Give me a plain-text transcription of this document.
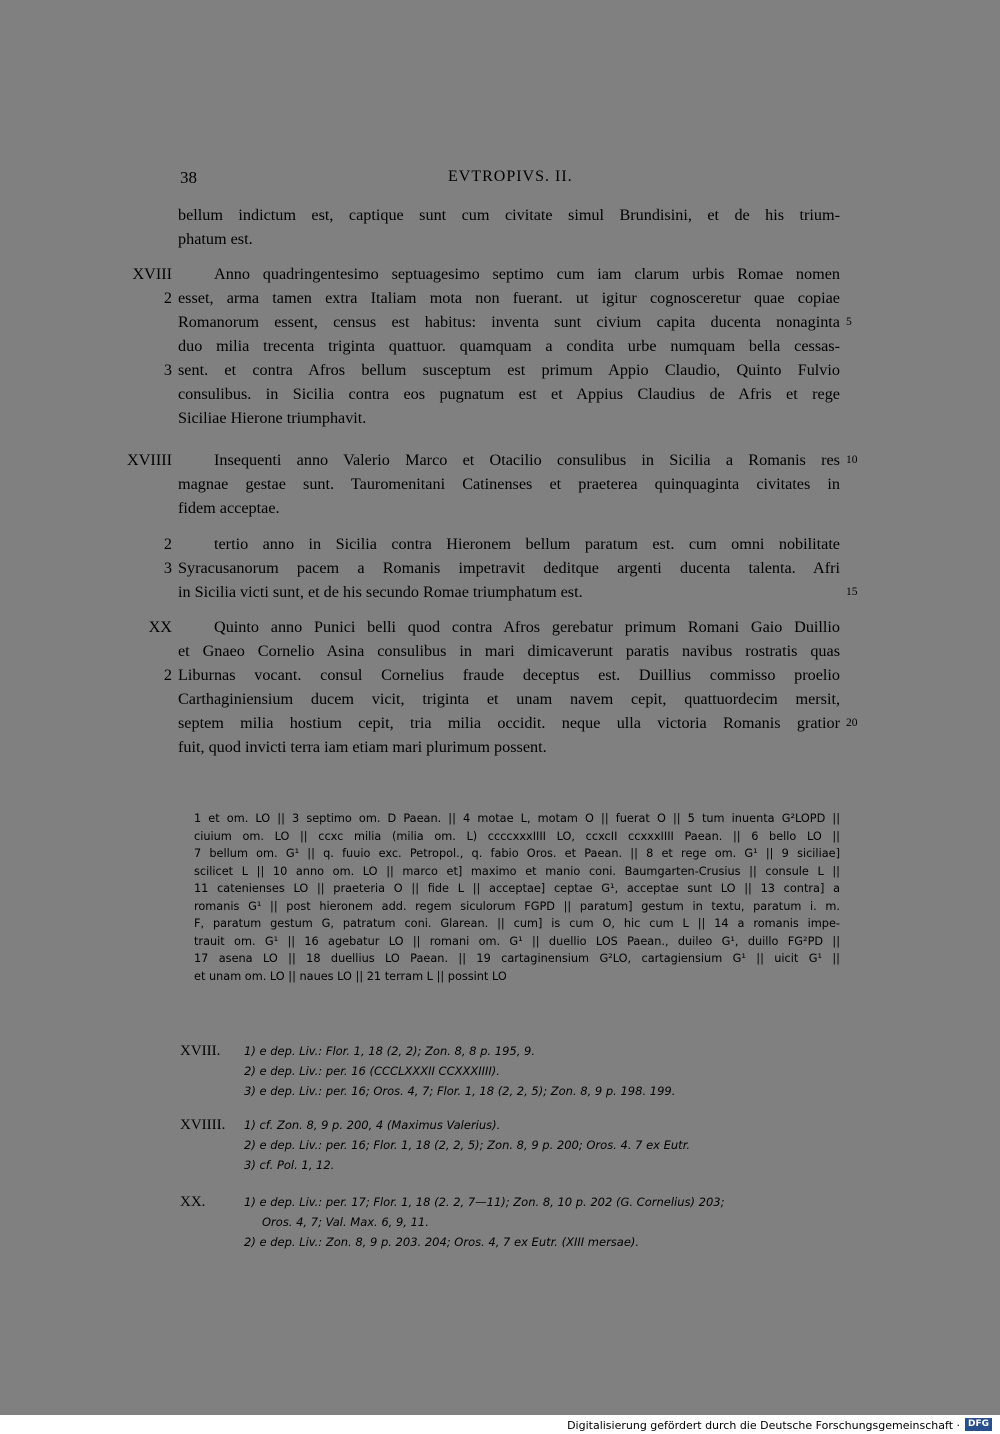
38	EVTROPIVS. II.
bellum indictum est, captique sunt cum civitate simul Brundisini, et de his trium-
phatum est.
Anno quadringentesimo septuagesimo septimo cum iam clarum urbis Romae nomen
XVIII
esset, arma tamen extra Italiam mota non fuerant. ut igitur cognosceretur quae copiae
2
Romanorum essent, census est habitus: inventa sunt civium capita ducenta nonaginta 5
duo milia trecenta triginta quattuor. quamquam a condita urbe numquam bella cessas-
sent. et contra Afros bellum susceptum est primum Appio Claudio, Quinto Fulvio
3
consulibus. in Sicilia contra eos pugnatum est et Appius Claudius de Afris et rege
Siciliae Hierone triumphavit.
Insequenti anno Valerio Marco et Otacilio consulibus in Sicilia a Romanis res
XVIIII	10
magnae gestae sunt. Tauromenitani Catinenses et praeterea quinquaginta civitates in
fidem acceptae.
tertio anno in Sicilia contra Hieronem bellum paratum est. cum omni nobilitate
2
Syracusanorum pacem a Romanis impetravit deditque argenti ducenta talenta. Afri
3
in Sicilia victi sunt, et de his secundo Romae triumphatum est.	15
Quinto anno Punici belli quod contra Afros gerebatur primum Romani Gaio Duillio
XX
et Gnaeo Cornelio Asina consulibus in mari dimicaverunt paratis navibus rostratis quas
Liburnas vocant. consul Cornelius fraude deceptus est. Duillius commisso proelio
2
Carthaginiensium ducem vicit, triginta et unam navem cepit, quattuordecim mersit,
septem milia hostium cepit, tria milia occidit. neque ulla victoria Romanis gratior 20
fuit, quod invicti terra iam etiam mari plurimum possent.
1 et om. LO || 3 septimo om. D Paean. || 4 motae L, motam O || fuerat O || 5 tum inuenta G²LOPD ||
ciuium om. LO || ccxc milia (milia om. L) ccccxxxIIII LO, ccxcII ccxxxIIII Paean. || 6 bello LO ||
7 bellum om. G¹ || q. fuuio exc. Petropol., q. fabio Oros. et Paean. || 8 et rege om. G¹ || 9 siciliae]
scilicet L || 10 anno om. LO || marco et] maximo et manio coni. Baumgarten-Crusius || consule L ||
11 catenienses LO || praeteria O || fide L || acceptae] ceptae G¹, acceptae sunt LO || 13 contra] a
romanis G¹ || post hieronem add. regem siculorum FGPD || paratum] gestum in textu, paratum i. m.
F, paratum gestum G, patratum coni. Glarean. || cum] is cum O, hic cum L || 14 a romanis impe-
trauit om. G¹ || 16 agebatur LO || romani om. G¹ || duellio LOS Paean., duileo G¹, duillo FG²PD ||
17 asena LO || 18 duellius LO Paean. || 19 cartaginensium G²LO, cartagiensium G¹ || uicit G¹ ||
et unam om. LO || naues LO || 21 terram L || possint LO
XVIII. 1) e dep. Liv.: Flor. 1, 18 (2, 2); Zon. 8, 8 p. 195, 9.
2) e dep. Liv.: per. 16 (CCCLXXXII CCXXXIIII).
3) e dep. Liv.: per. 16; Oros. 4, 7; Flor. 1, 18 (2, 2, 5); Zon. 8, 9 p. 198. 199.
XVIIII. 1) cf. Zon. 8, 9 p. 200, 4 (Maximus Valerius).
2) e dep. Liv.: per. 16; Flor. 1, 18 (2, 2, 5); Zon. 8, 9 p. 200; Oros. 4. 7 ex Eutr.
3) cf. Pol. 1, 12.
XX.	1) e dep. Liv.: per. 17; Flor. 1, 18 (2. 2, 7—11); Zon. 8, 10 p. 202 (G. Cornelius) 203;
Oros. 4, 7; Val. Max. 6, 9, 11.
2) e dep. Liv.: Zon. 8, 9 p. 203. 204; Oros. 4, 7 ex Eutr. (XIII mersae).
Digitalisierung gefördert durch die Deutsche Forschungsgemeinschaft · DFG
